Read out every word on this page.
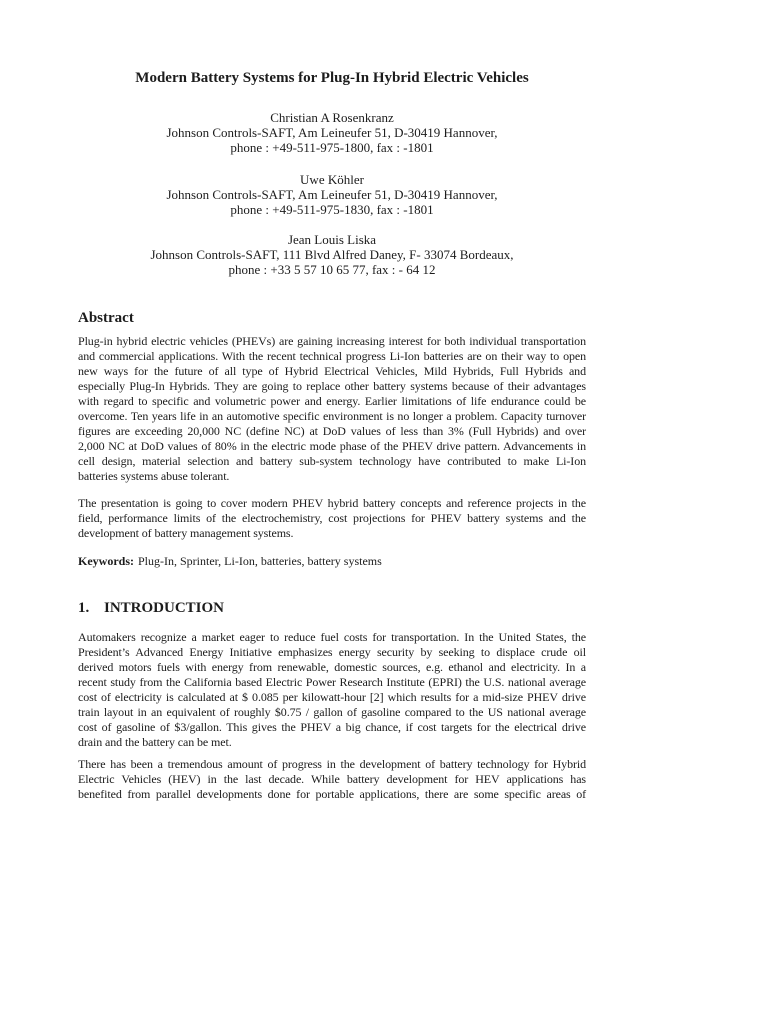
Modern Battery Systems for Plug-In Hybrid Electric Vehicles
Christian A Rosenkranz
Johnson Controls-SAFT, Am Leineufer 51, D-30419 Hannover,
phone : +49-511-975-1800, fax : -1801
Uwe Köhler
Johnson Controls-SAFT, Am Leineufer 51, D-30419 Hannover,
phone : +49-511-975-1830, fax : -1801
Jean Louis Liska
Johnson Controls-SAFT, 111 Blvd Alfred Daney, F- 33074 Bordeaux,
phone : +33 5 57 10 65 77, fax : - 64 12
Abstract
Plug-in hybrid electric vehicles (PHEVs) are gaining increasing interest for both individual transportation
and commercial applications. With the recent technical progress Li-Ion batteries are on their way to open
new ways for the future of all type of Hybrid Electrical Vehicles, Mild Hybrids, Full Hybrids and
especially Plug-In Hybrids. They are going to replace other battery systems because of their advantages
with regard to specific and volumetric power and energy. Earlier limitations of life endurance could be
overcome. Ten years life in an automotive specific environment is no longer a problem. Capacity turnover
figures are exceeding 20,000 NC (define NC) at DoD values of less than 3% (Full Hybrids) and over
2,000 NC at DoD values of 80% in the electric mode phase of the PHEV drive pattern. Advancements in
cell design, material selection and battery sub-system technology have contributed to make Li-Ion
batteries systems abuse tolerant.
The presentation is going to cover modern PHEV hybrid battery concepts and reference projects in the
field, performance limits of the electrochemistry, cost projections for PHEV battery systems and the
development of battery management systems.
Keywords: Plug-In, Sprinter, Li-Ion, batteries, battery systems
1. INTRODUCTION
Automakers recognize a market eager to reduce fuel costs for transportation. In the United States, the
President’s Advanced Energy Initiative emphasizes energy security by seeking to displace crude oil
derived motors fuels with energy from renewable, domestic sources, e.g. ethanol and electricity. In a
recent study from the California based Electric Power Research Institute (EPRI) the U.S. national average
cost of electricity is calculated at $ 0.085 per kilowatt-hour [2] which results for a mid-size PHEV drive
train layout in an equivalent of roughly $0.75 / gallon of gasoline compared to the US national average
cost of gasoline of $3/gallon. This gives the PHEV a big chance, if cost targets for the electrical drive
drain and the battery can be met.
There has been a tremendous amount of progress in the development of battery technology for Hybrid
Electric Vehicles (HEV) in the last decade. While battery development for HEV applications has
benefited from parallel developments done for portable applications, there are some specific areas of
